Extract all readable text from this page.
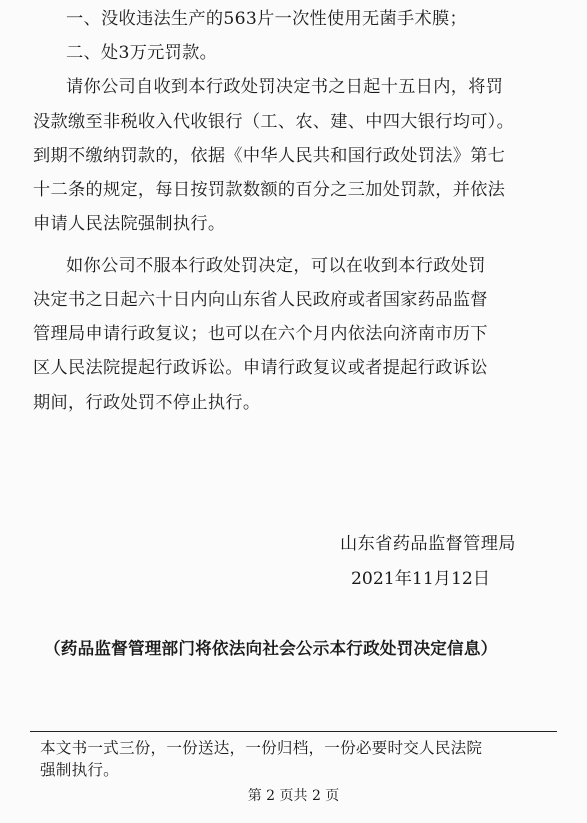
一、没收违法生产的563片一次性使用无菌手术膜；
二、处3万元罚款。
请你公司自收到本行政处罚决定书之日起十五日内，将罚
没款缴至非税收入代收银行（工、农、建、中四大银行均可）。
到期不缴纳罚款的，依据《中华人民共和国行政处罚法》第七
十二条的规定，每日按罚款数额的百分之三加处罚款，并依法
申请人民法院强制执行。
如你公司不服本行政处罚决定，可以在收到本行政处罚
决定书之日起六十日内向山东省人民政府或者国家药品监督
管理局申请行政复议；也可以在六个月内依法向济南市历下
区人民法院提起行政诉讼。申请行政复议或者提起行政诉讼
期间，行政处罚不停止执行。
山东省药品监督管理局
2021年11月12日
（药品监督管理部门将依法向社会公示本行政处罚决定信息）
本文书一式三份，一份送达，一份归档，一份必要时交人民法院
强制执行。
第 2 页共 2 页
